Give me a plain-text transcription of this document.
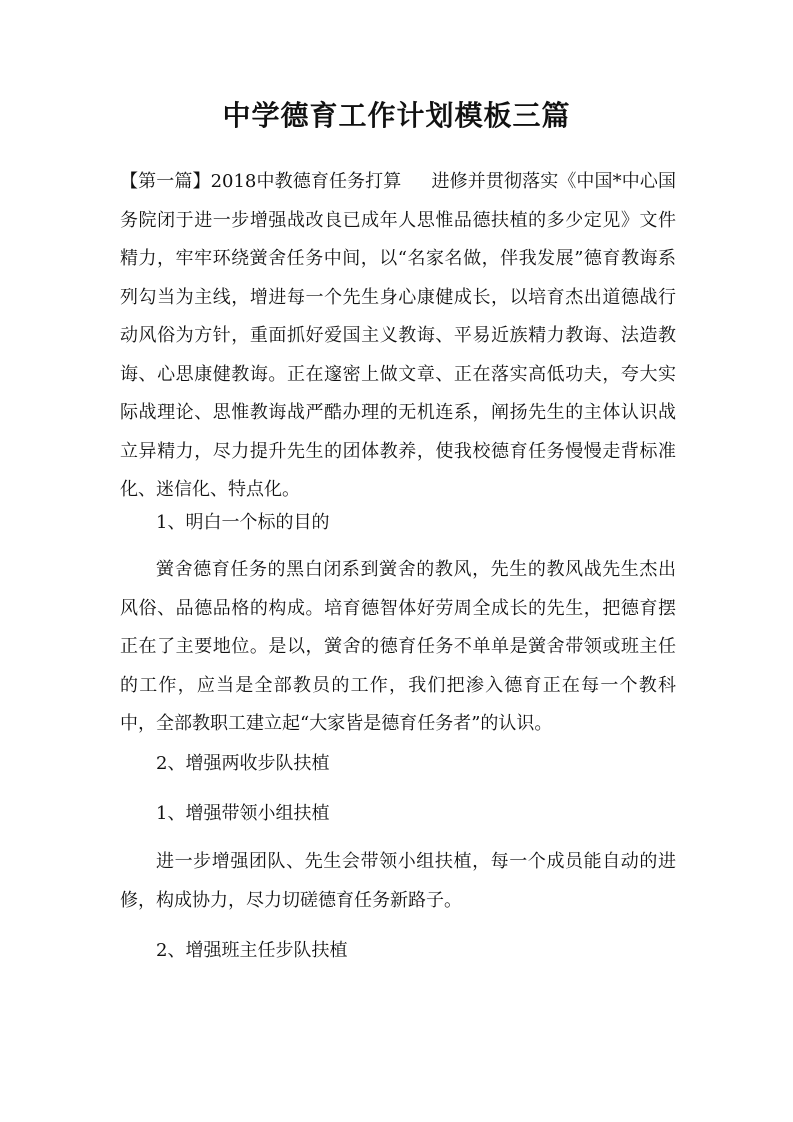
中学德育工作计划模板三篇

【第一篇】2018中教德育任务打算 进修并贯彻落实《中国*中心国务院闭于进一步增强战改良已成年人思惟品德扶植的多少定见》文件精力，牢牢环绕黉舍任务中间，以“名家名做，伴我发展”德育教诲系列勾当为主线，增进每一个先生身心康健成长，以培育杰出道德战行动风俗为方针，重面抓好爱国主义教诲、平易近族精力教诲、法造教诲、心思康健教诲。正在邃密上做文章、正在落实高低功夫，夸大实际战理论、思惟教诲战严酷办理的无机连系，阐扬先生的主体认识战立异精力，尽力提升先生的团体教养，使我校德育任务慢慢走背标准化、迷信化、特点化。

1、明白一个标的目的

黉舍德育任务的黑白闭系到黉舍的教风，先生的教风战先生杰出风俗、品德品格的构成。培育德智体好劳周全成长的先生，把德育摆正在了主要地位。是以，黉舍的德育任务不单单是黉舍带领或班主任的工作，应当是全部教员的工作，我们把渗入德育正在每一个教科中，全部教职工建立起“大家皆是德育任务者”的认识。

2、增强两收步队扶植

1、增强带领小组扶植

进一步增强团队、先生会带领小组扶植，每一个成员能自动的进修，构成协力，尽力切磋德育任务新路子。

2、增强班主任步队扶植
